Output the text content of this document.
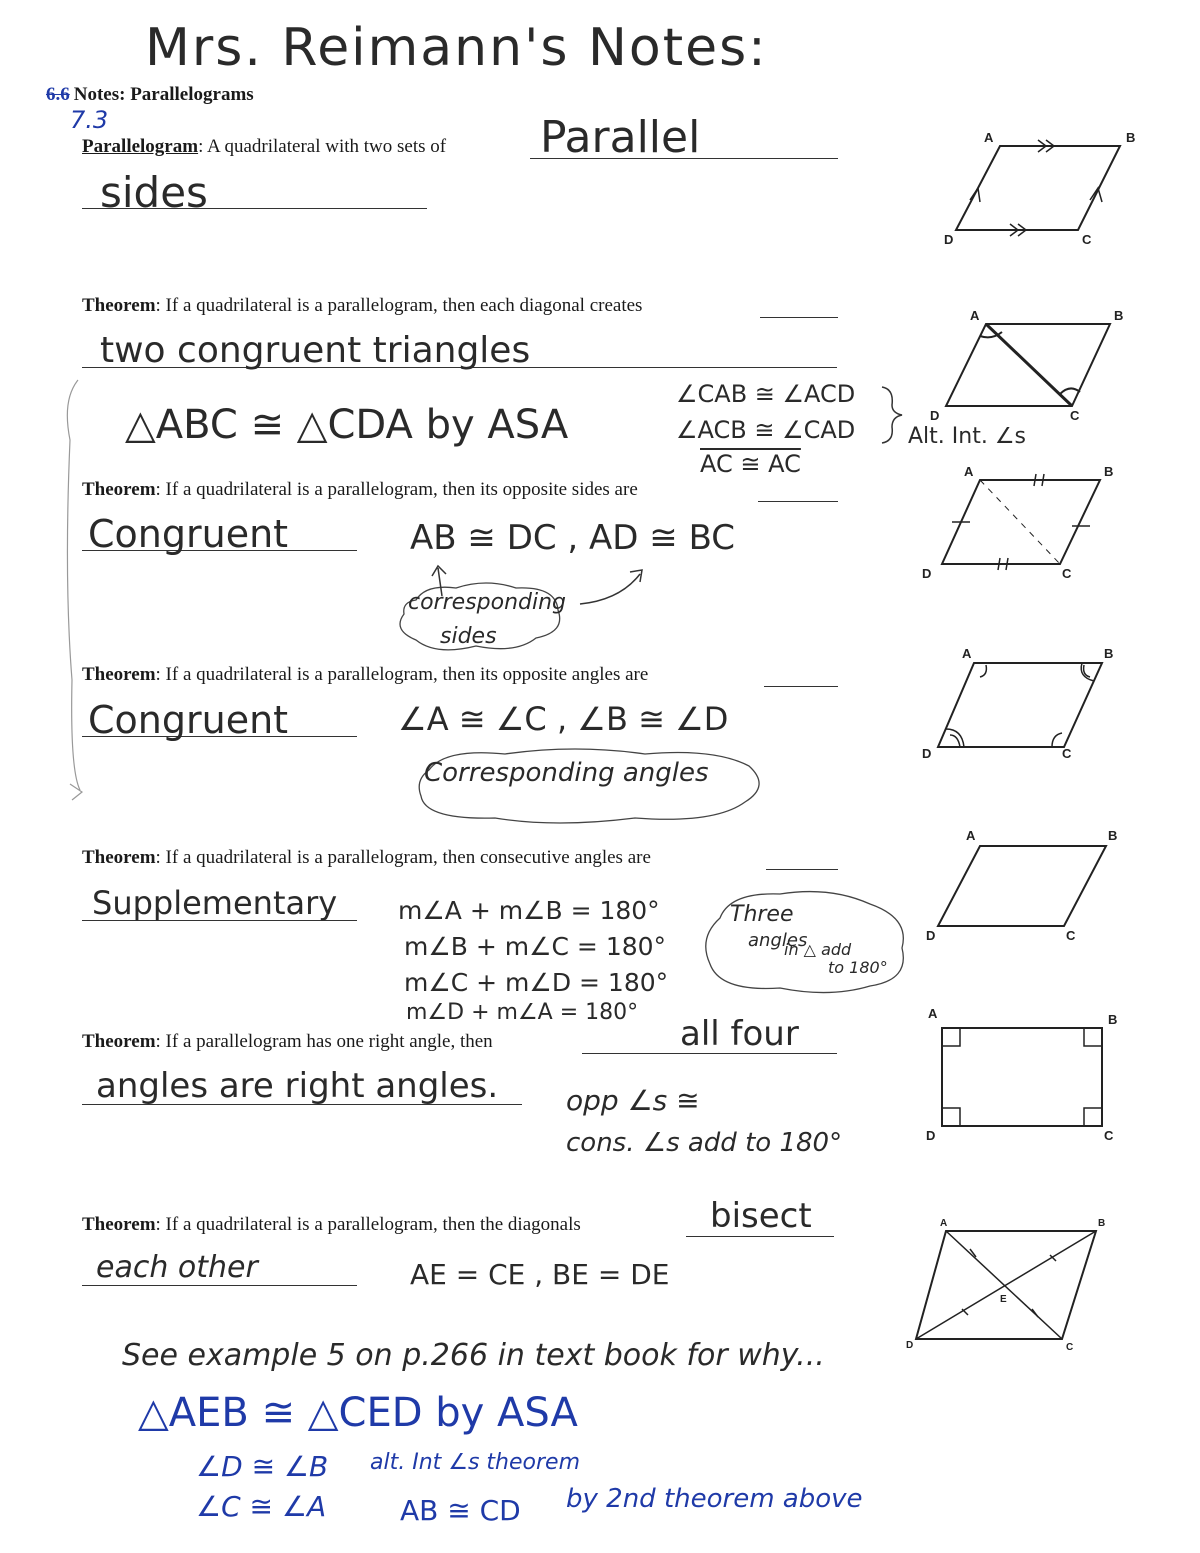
Mrs. Reimann's Notes:
6.6 Notes: Parallelograms
7.3
Parallelogram: A quadrilateral with two sets of Parallel
sides
Theorem: If a quadrilateral is a parallelogram, then each diagonal creates
two congruent triangles
△ABC ≅ △CDA by ASA
∠CAB ≅ ∠ACD
∠ACB ≅ ∠CAD
AC ≅ AC
Alt. Int. ∠s
Theorem: If a quadrilateral is a parallelogram, then its opposite sides are
Congruent	AB ≅ DC , AD ≅ BC
corresponding
sides
Theorem: If a quadrilateral is a parallelogram, then its opposite angles are
Congruent	∠A ≅ ∠C , ∠B ≅ ∠D
Corresponding angles
Theorem: If a quadrilateral is a parallelogram, then consecutive angles are
Supplementary m∠A + m∠B = 180°
m∠B + m∠C = 180°
m∠C + m∠D = 180°
m∠D + m∠A = 180°
Three
angles
in △ add
to 180°
Theorem: If a parallelogram has one right angle, then	all four
angles are right angles. opp ∠s ≅
cons. ∠s add to 180°
Theorem: If a quadrilateral is a parallelogram, then the diagonals	bisect
each other	AE = CE , BE = DE
See example 5 on p.266 in text book for why...
△AEB ≅ △CED by ASA
∠D ≅ ∠B
∠C ≅ ∠A
alt. Int ∠s theorem
AB ≅ CD by 2nd theorem above
A	B
C
D
A	B
C
D
A	B
C
D
A	B
C
D
A	B
C
D
A	B
C
D
A	B
E
C
D
